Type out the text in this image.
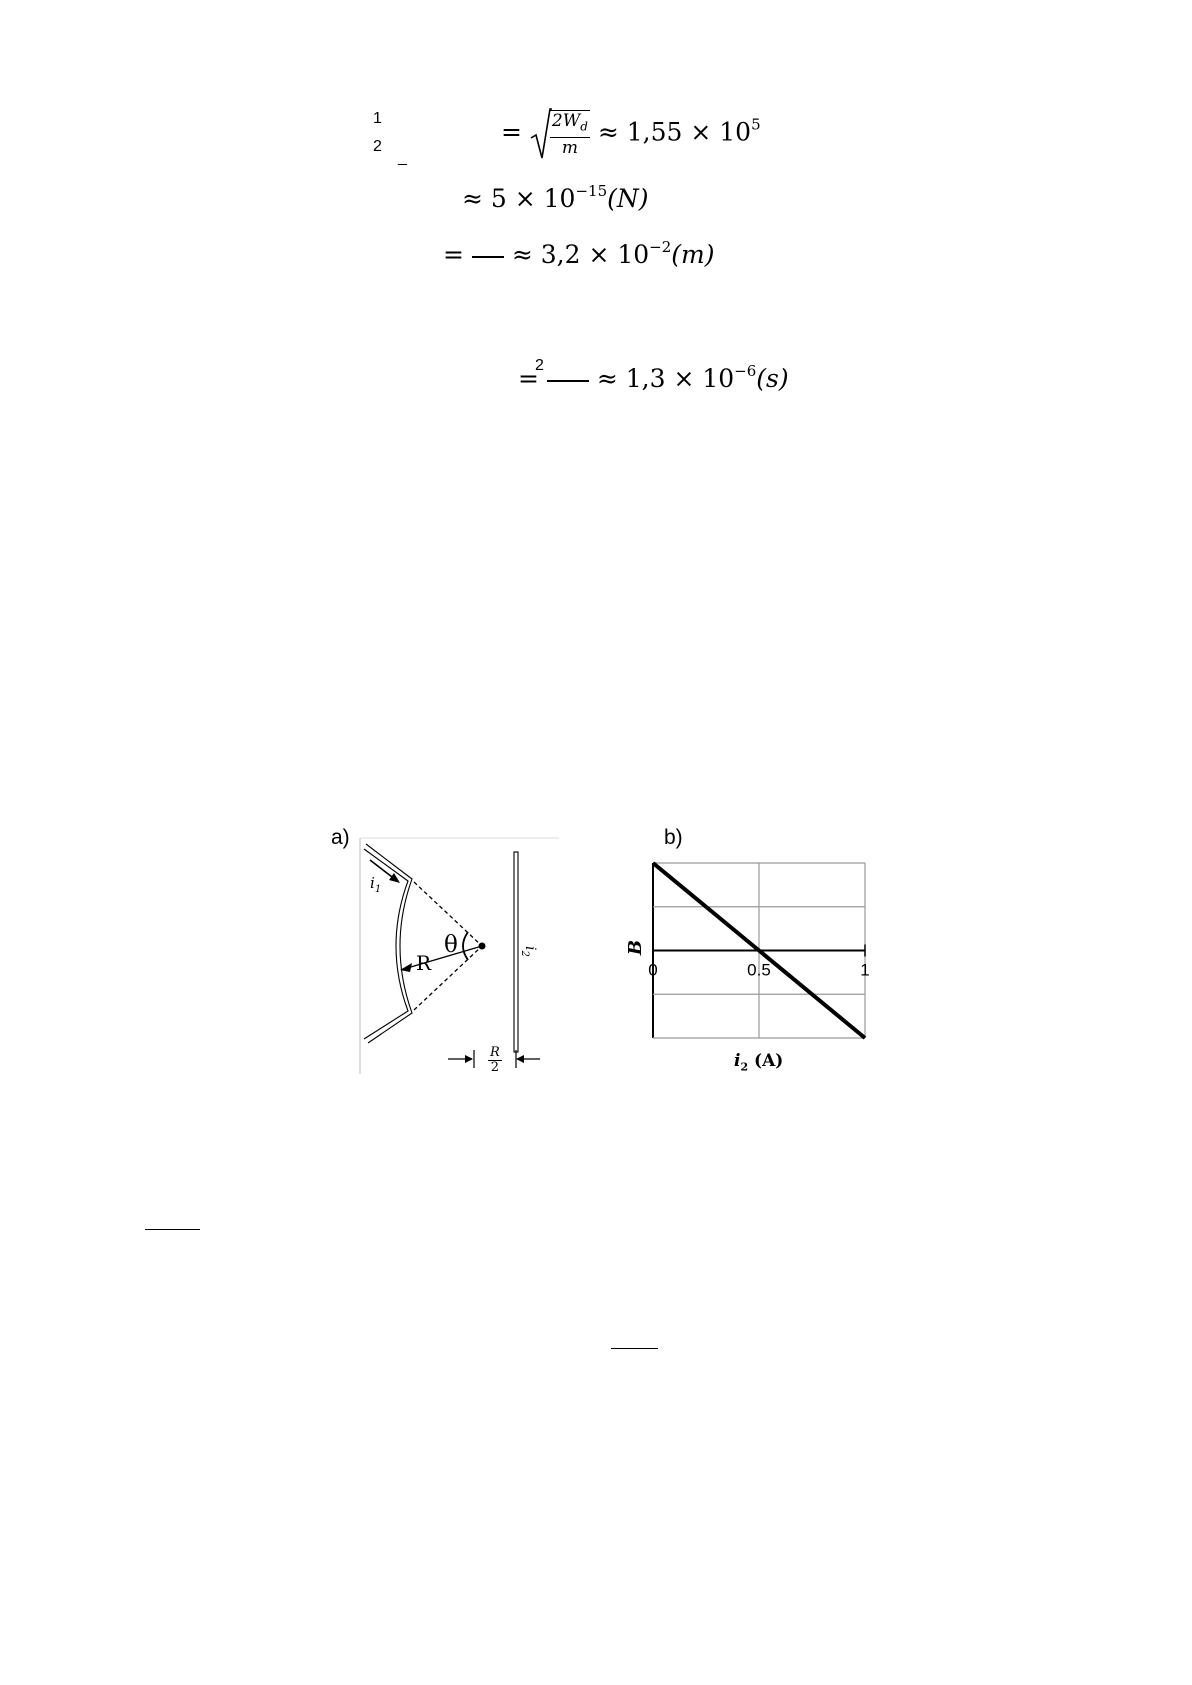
1
2
_
= $\frac{2W_d}{m} \approx 1,55 \times 10^5$
≈ $5 \times 10^{-15}(N)$
= ≈ $3,2 \times 10^{-2}(m)$
2
= ≈ $1,3 \times 10^{-6}(s)$
a)
$i_1$
$i_2$
R
θ
$\frac{R}{2}$
b)
0	0.5	1
B
$i_2$ (A)
